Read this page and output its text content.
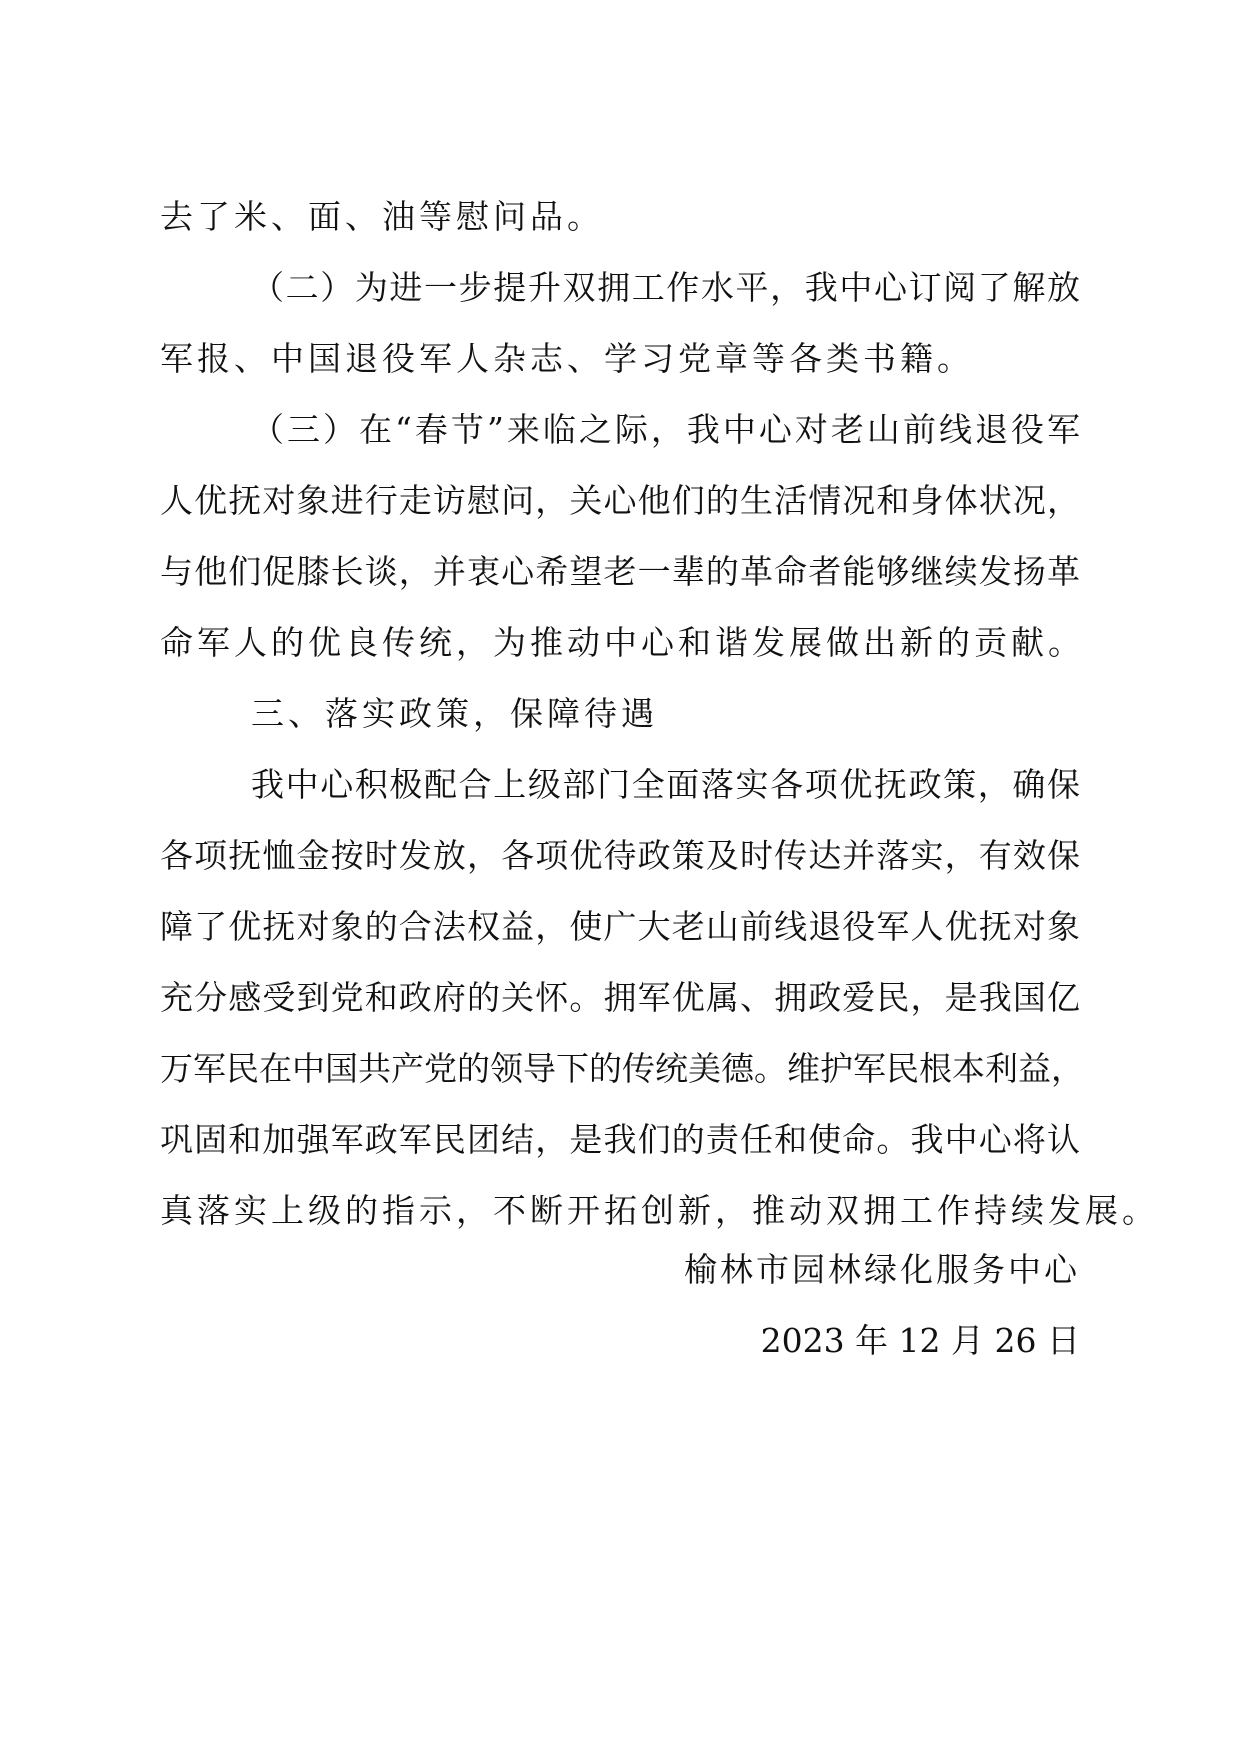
去了米、面、油等慰问品。
（二）为进一步提升双拥工作水平，我中心订阅了解放
军报、中国退役军人杂志、学习党章等各类书籍。
（三）在“春节”来临之际，我中心对老山前线退役军
人优抚对象进行走访慰问，关心他们的生活情况和身体状况，
与他们促膝长谈，并衷心希望老一辈的革命者能够继续发扬革
命军人的优良传统，为推动中心和谐发展做出新的贡献。
三、落实政策，保障待遇
我中心积极配合上级部门全面落实各项优抚政策，确保
各项抚恤金按时发放，各项优待政策及时传达并落实，有效保
障了优抚对象的合法权益，使广大老山前线退役军人优抚对象
充分感受到党和政府的关怀。拥军优属、拥政爱民，是我国亿
万军民在中国共产党的领导下的传统美德。维护军民根本利益，
巩固和加强军政军民团结，是我们的责任和使命。我中心将认
真落实上级的指示，不断开拓创新，推动双拥工作持续发展。
榆林市园林绿化服务中心
2023 年 12 月 26 日
